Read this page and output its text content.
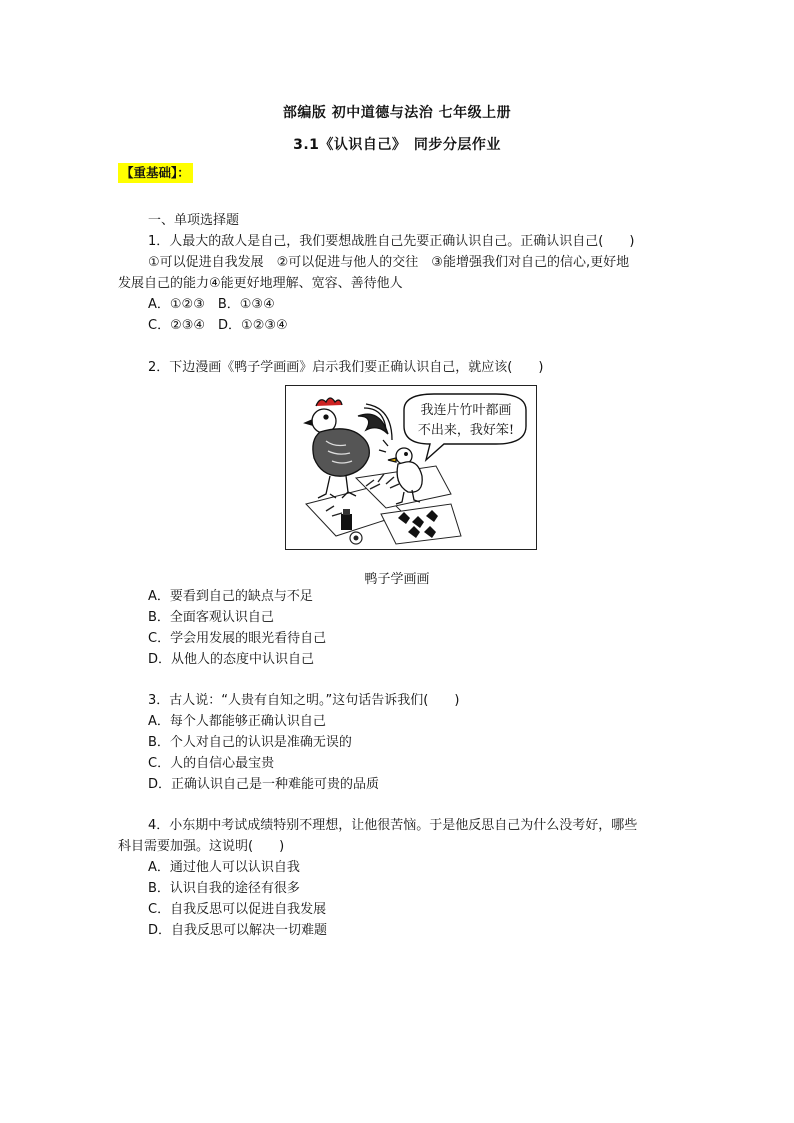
部编版 初中道德与法治 七年级上册
3.1《认识自己》　同步分层作业
【重基础】：
一、单项选择题
1．人最大的敌人是自己，我们要想战胜自己先要正确认识自己。正确认识自己(　　)
①可以促进自我发展　②可以促进与他人的交往　③能增强我们对自己的信心,更好地
发展自己的能力④能更好地理解、宽容、善待他人
A．①②③　B．①③④
C．②③④　D．①②③④
2．下边漫画《鸭子学画画》启示我们要正确认识自己，就应该(　　)
我连片竹叶都画
不出来，我好笨!
鸭子学画画
A．要看到自己的缺点与不足
B．全面客观认识自己
C．学会用发展的眼光看待自己
D．从他人的态度中认识自己
3．古人说：“人贵有自知之明。”这句话告诉我们(　　)
A．每个人都能够正确认识自己
B．个人对自己的认识是准确无误的
C．人的自信心最宝贵
D．正确认识自己是一种难能可贵的品质
4．小东期中考试成绩特别不理想，让他很苦恼。于是他反思自己为什么没考好，哪些
科目需要加强。这说明(　　)
A．通过他人可以认识自我
B．认识自我的途径有很多
C．自我反思可以促进自我发展
D．自我反思可以解决一切难题
